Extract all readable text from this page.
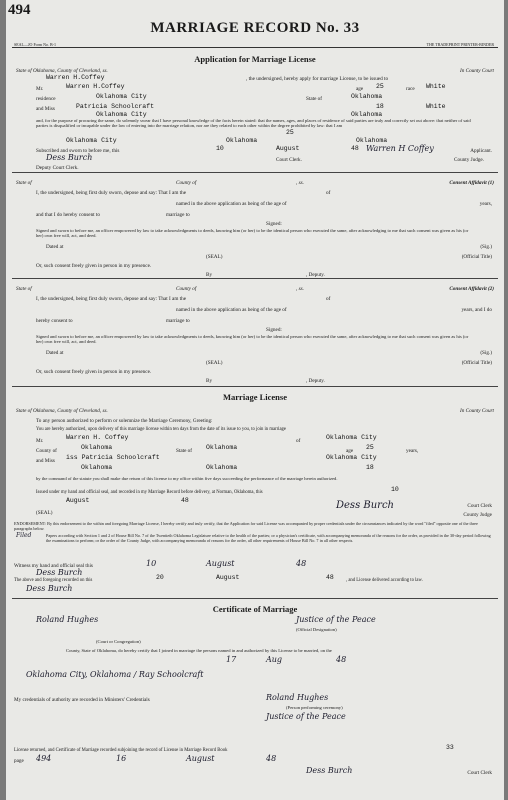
494
MARRIAGE RECORD No. 33
SEAL—JO Form No. B-1	THE TRADEPRINT PRINTER-BINDER
Application for Marriage License
State of Oklahoma, County of Cleveland, ss.	In County Court
Warren H.Coffey	, the undersigned, hereby apply for marriage License, to be issued to
Mr.	Warren H.Coffey	age 25	race White
residence	Oklahoma City	State of	Oklahoma
and Miss	Patricia Schoolcraft	18	White
Oklahoma City	Oklahoma
and, for the purpose of procuring the same, do solemnly swear that I have personal knowledge of the facts herein stated: that the names, ages, and places of residence of said parties are truly and correctly set out above: that neither of said parties is disqualified or incapable under the law of entering into the marriage relation, nor are they related to each other within the degree prohibited by law: that I am
25
Oklahoma City	Oklahoma	Oklahoma
Subscribed and sworn to before me, this	10	August	48 Warren H Coffey	Applicant.
Dess Burch	Court Clerk.	County Judge.
Deputy Court Clerk.
State of	County of	, ss.	Consent Affidavit (1)
I, the undersigned, being first duly sworn, depose and say: That I am the	of
named in the above application as being of the age of	years,
and that I do hereby consent to	marriage to
Signed:
Signed and sworn to before me, an officer empowered by law to take acknowledgments to deeds, knowing him (or her) to be the identical person who executed the same, after acknowledging to me that such consent was given as his (or her) own free will, act, and deed.
Dated at	(Sig.)
(SEAL)	(Official Title)
Or, such consent freely given in person in my presence.
By	, Deputy.
State of	County of	, ss.	Consent Affidavit (2)
I, the undersigned, being first duly sworn, depose and say: That I am the	of
named in the above application as being of the age of	years, and I do
hereby consent to	marriage to
Signed:
Signed and sworn to before me, an officer empowered by law to take acknowledgments to deeds, knowing him (or her) to be the identical person who executed the same, after acknowledging to me that such consent was given as his (or her) own free will, act, and deed.
Dated at	(Sig.)
(SEAL)	(Official Title)
Or, such consent freely given in person in my presence.
By	, Deputy.
Marriage License
State of Oklahoma, County of Cleveland, ss.	In County Court
To any person authorized to perform or solemnize the Marriage Ceremony, Greeting:
You are hereby authorized, upon delivery of this marriage license within ten days from the date of its issue to you, to join in marriage
Mr.	Warren H. Coffey	of	Oklahoma City
County of	Oklahoma	State of Oklahoma	age 25	years,
and Miss iss Patricia Schoolcraft	Oklahoma City
Oklahoma	Oklahoma	18
by the command of the statute you shall make due return of this license to my office within five days succeeding the performance of the marriage herein authorized.
Issued under my hand and official seal, and recorded in my Marriage Record before delivery, at Norman, Oklahoma, this	10
August	48	Dess Burch	Court Clerk
(SEAL)	County Judge
ENDORSEMENT: By this endorsement to the within and foregoing Marriage License, I hereby certify and truly certify, that the Application for said License was accompanied by proper credentials under the circumstances indicated by the word "filed" opposite one of the three paragraphs below.
Filed	Papers according with Section 1 and 2 of House Bill No. 7 of the Twentieth Oklahoma Legislature relative to the health of the parties; or a physician's certificate, with accompanying memoranda of the reasons for the order, as provided in the 30-day period following the examinations to perform; or the order of the County Judge, with accompanying memoranda of reasons for the order, all other requirements of House Bill No. 7 in all other respects.
Witness my hand and official seal this	10	August	48
Dess Burch
The above and foregoing recorded on this	20	August	48	, and License delivered according to law.
Dess Burch
Certificate of Marriage
Roland Hughes	Justice of the Peace
(Official Designation)
(Court or Congregation)
County, State of Oklahoma, do hereby certify that I joined in marriage the persons named in and authorized by this License to be married, on the
17	Aug	48
Oklahoma City, Oklahoma / Ray Schoolcraft
My credentials of authority are recorded in Ministers' Credentials	Roland Hughes
(Person performing ceremony)
Justice of the Peace
License returned, and Certificate of Marriage recorded subjoining the record of License in Marriage Record Book	33
page 494	16	August	48
Dess Burch	Court Clerk
